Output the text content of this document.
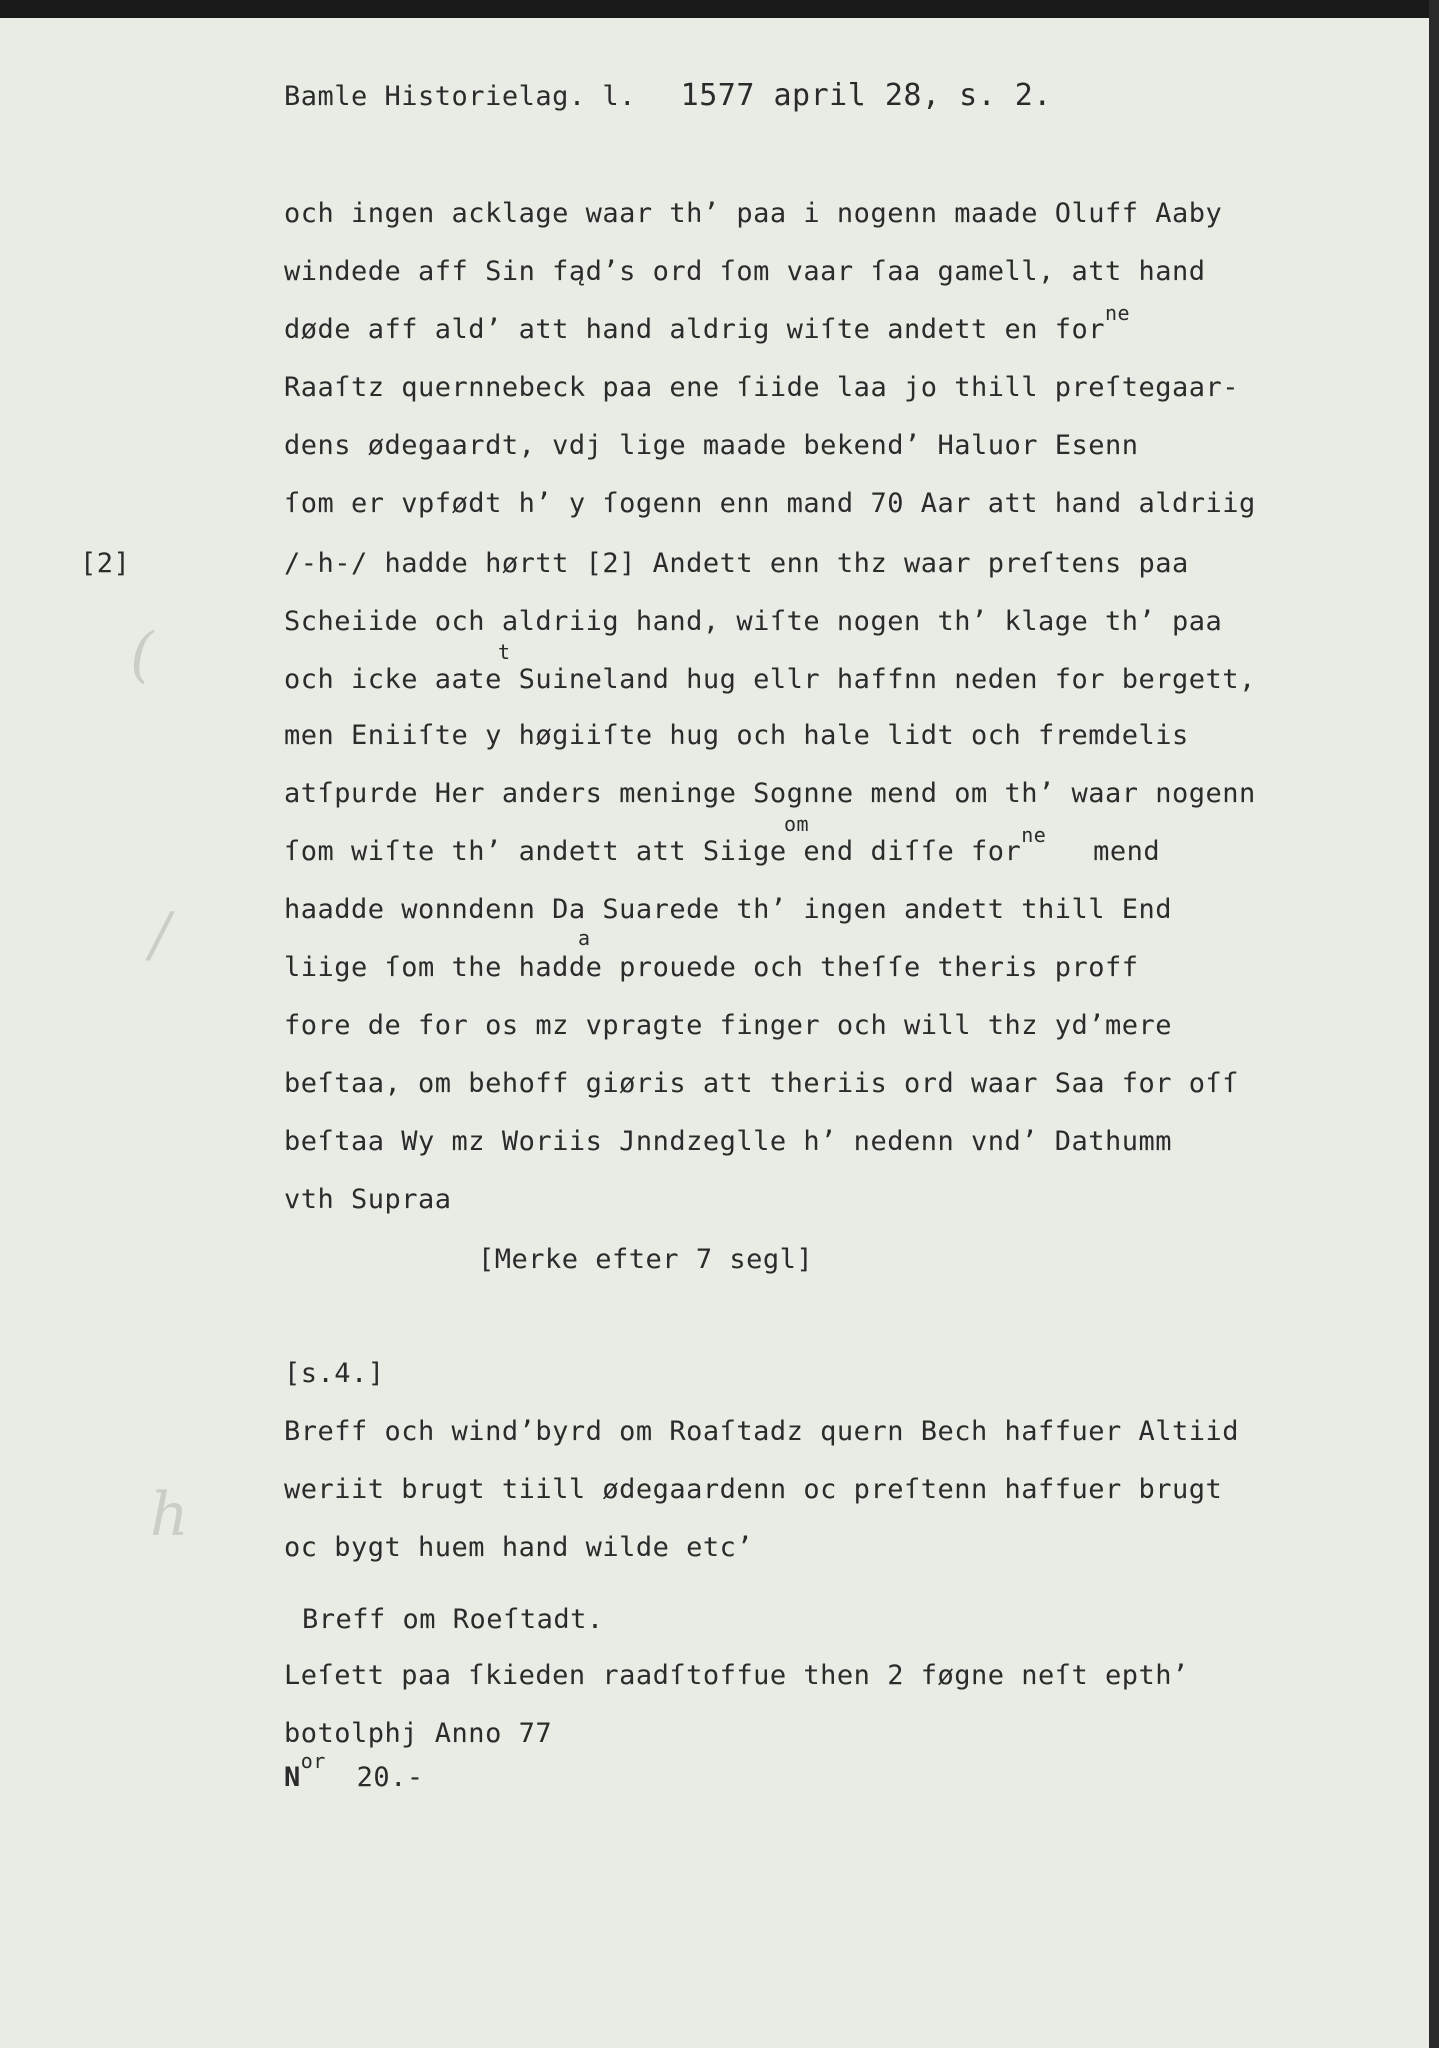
(
/
h
Bamle Historielag. l. 1577 april 28, s. 2.
[2]
och ingen acklage waar th’ paa i nogenn maade Oluff Aaby
windede aff Sin fąd’s ord ſom vaar ſaa gamell, att hand
døde aff ald’ att hand aldrig wiſte andett en for$^{ne}$
Raaſtz quernnebeck paa ene ſiide laa jo thill preſtegaar-
dens ødegaardt, vdj lige maade bekend’ Haluor Esenn
ſom er vpfødt h’ y ſogenn enn mand 70 Aar att hand aldriig
/-h-/ hadde hørtt [2] Andett enn thz waar preſtens paa
Scheiide och aldriig hand, wiſte nogen th’ klage th’ paa
och icke aate Suineland hug ellr haffnn neden for bergett,
men Eniiſte y høgiiſte hug och hale lidt och fremdelis
atſpurde Her anders meninge Sognne mend om th’ waar nogenn
ſom wiſte th’ andett att Siige end diſſe for$^{ne}$ mend
om
t
a
haadde wonndenn Da Suarede th’ ingen andett thill End
liige ſom the hadde prouede och theſſe theris proff
fore de for os mz vpragte finger och will thz yd’mere
beſtaa, om behoff giøris att theriis ord waar Saa for oſſ
beſtaa Wy mz Woriis Jnndzeglle h’ nedenn vnd’ Dathumm
vth Supraa
[Merke efter 7 segl]
[s.4.]
Breff och wind’byrd om Roaſtadz quern Bech haffuer Altiid
weriit brugt tiill ødegaardenn oc preſtenn haffuer brugt
oc bygt huem hand wilde etc’
Breff om Roeſtadt.
Leſett paa ſkieden raadſtoffue then 2 føgne neſt epth’
botolphj Anno 77
$N^{or}$ 20.-
